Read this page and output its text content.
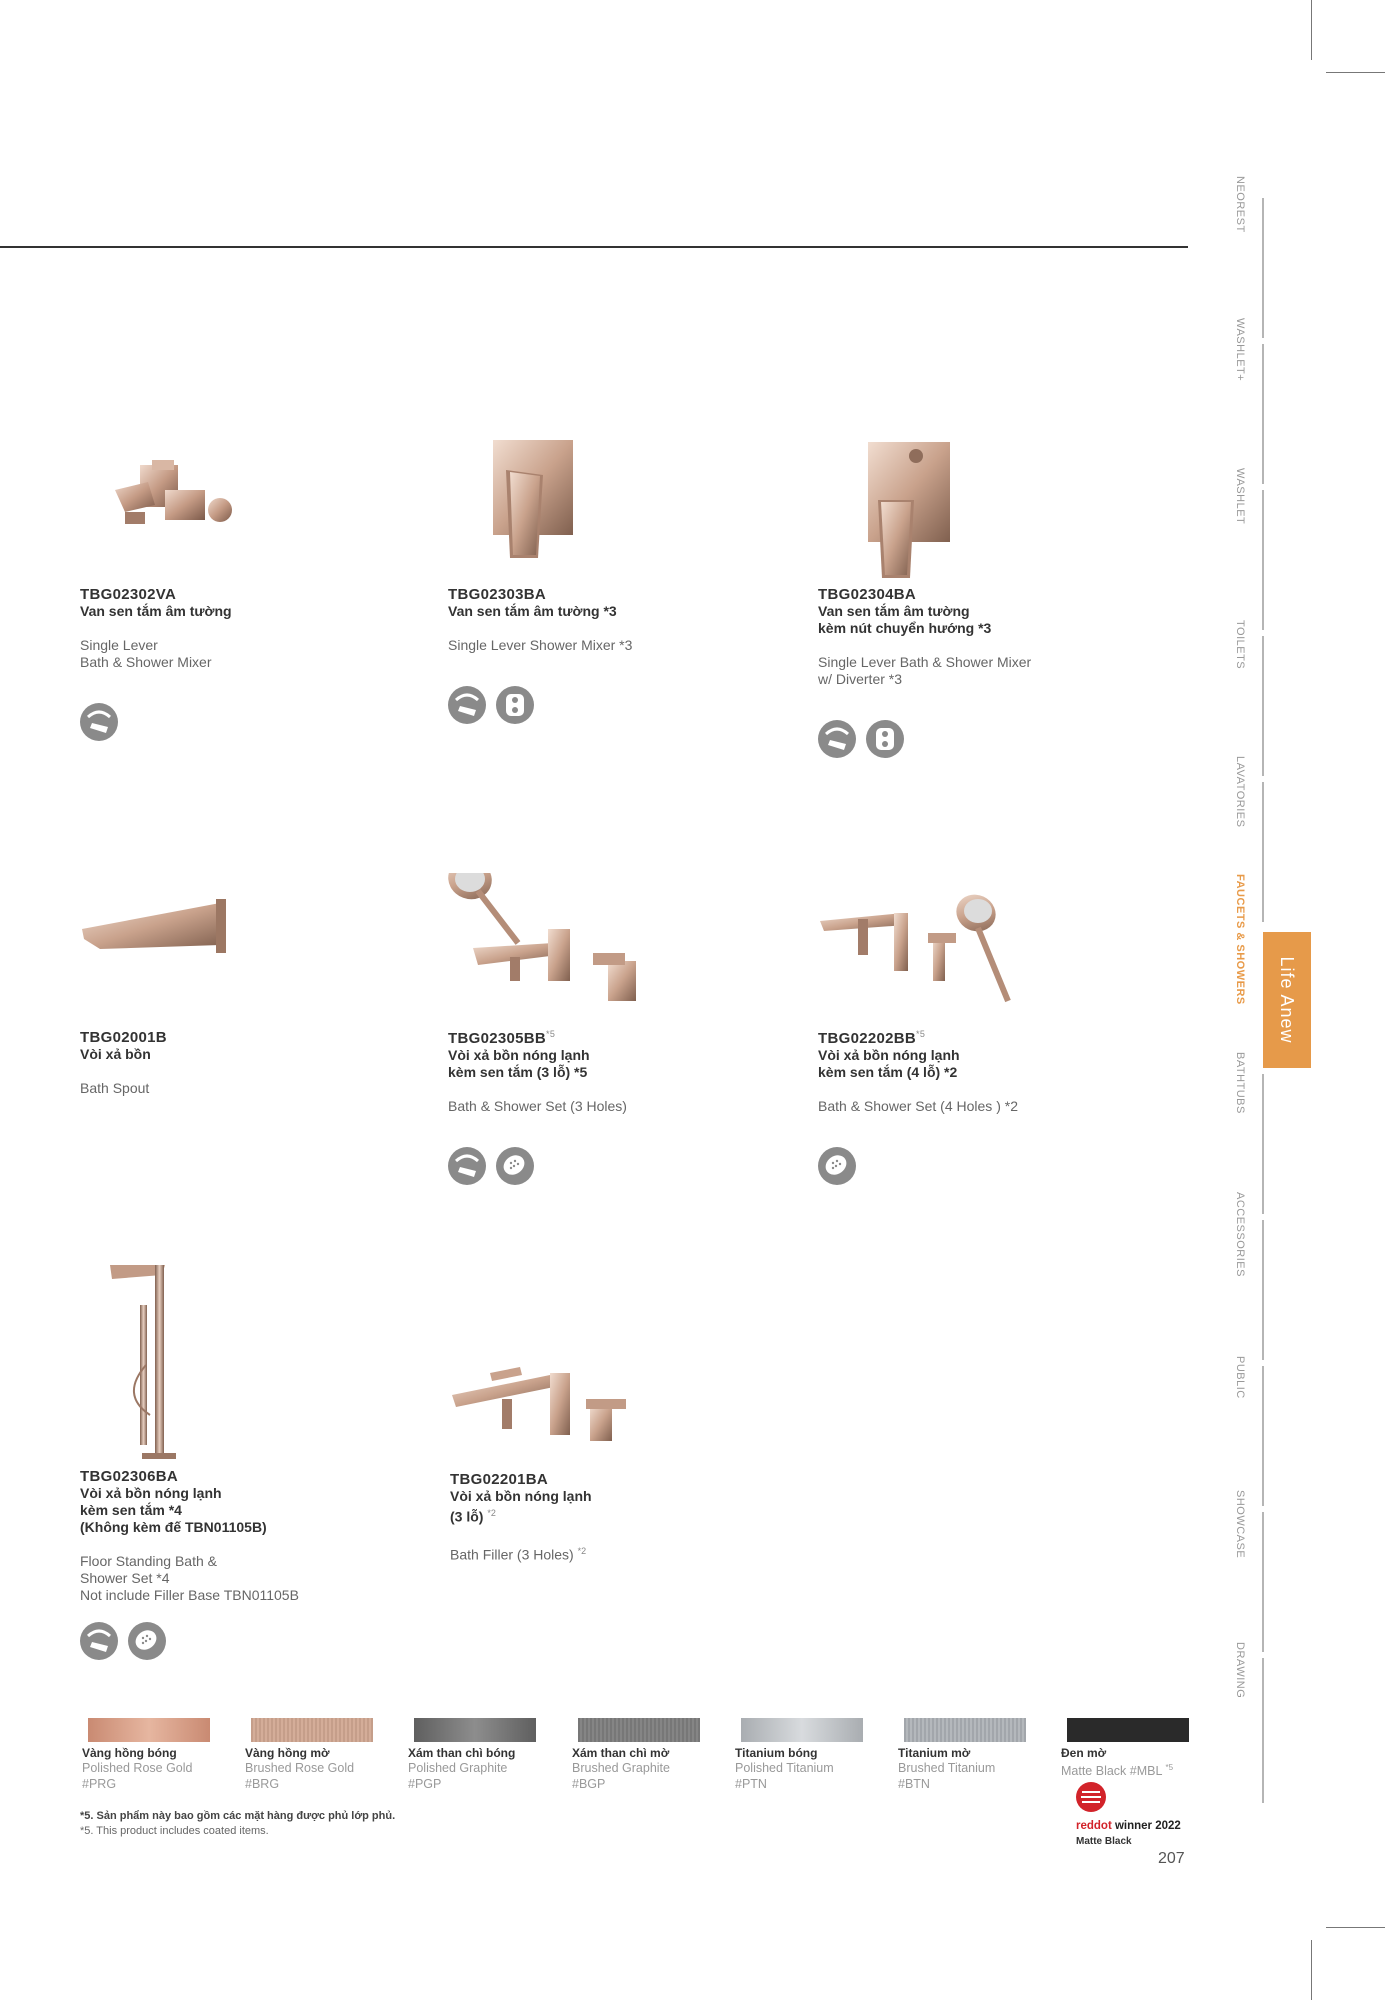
TBG02302VA
Van sen tắm âm tường
Single Lever
Bath & Shower Mixer
TBG02303BA
Van sen tắm âm tường *3
Single Lever Shower Mixer *3
TBG02304BA
Van sen tắm âm tường
kèm nút chuyển hướng *3
Single Lever Bath & Shower Mixer
w/ Diverter *3
TBG02001B
Vòi xả bồn
Bath Spout
TBG02305BB$^{*5}$
Vòi xả bồn nóng lạnh
kèm sen tắm (3 lỗ) *5
Bath & Shower Set (3 Holes)
TBG02202BB$^{*5}$
Vòi xả bồn nóng lạnh
kèm sen tắm (4 lỗ) *2
Bath & Shower Set (4 Holes ) *2
TBG02306BA
Vòi xả bồn nóng lạnh
kèm sen tắm *4
(Không kèm đế TBN01105B)
Floor Standing Bath &
Shower Set *4
Not include Filler Base TBN01105B
TBG02201BA
Vòi xả bồn nóng lạnh
(3 lỗ) $^{*2}$
Bath Filler (3 Holes) $^{*2}$
NEOREST
WASHLET+
WASHLET
TOILETS
LAVATORIES
FAUCETS & SHOWERS
BATHTUBS
ACCESSORIES
PUBLIC
SHOWCASE
DRAWING
Life Anew
Vàng hồng bóng
Polished Rose Gold
#PRG
Vàng hồng mờ
Brushed Rose Gold
#BRG
Xám than chì bóng
Polished Graphite
#PGP
Xám than chì mờ
Brushed Graphite
#BGP
Titanium bóng
Polished Titanium
#PTN
Titanium mờ
Brushed Titanium
#BTN
Đen mờ
Matte Black #MBL $^{*5}$
reddot winner 2022
Matte Black
*5. Sản phẩm này bao gồm các mặt hàng được phủ lớp phủ.
*5. This product includes coated items.
207
